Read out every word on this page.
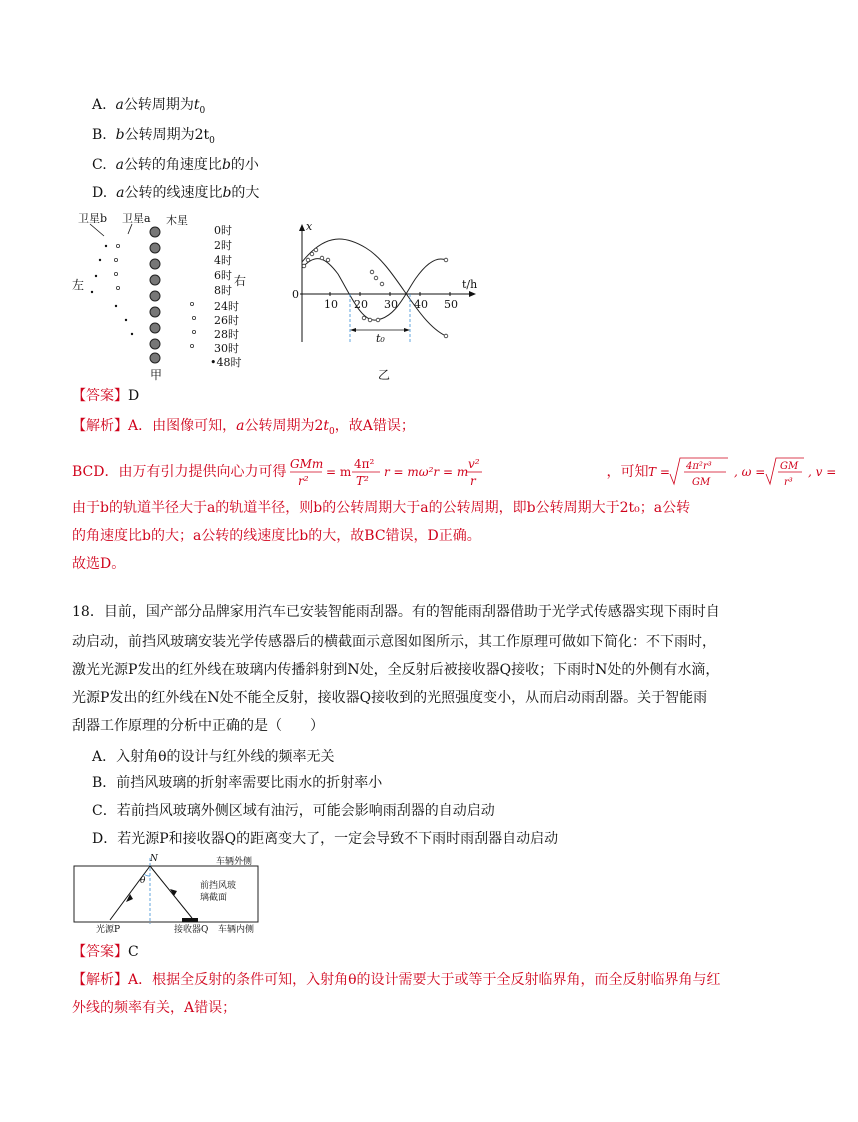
A. a公转周期为$t_0$
B. b公转周期为$2t_0$
C. a公转的角速度比b的小
D. a公转的线速度比b的大
卫星b 卫星a 木星
左	右
甲
0时
2时
4时
6时
8时
24时
26时
28时
30时
•48时
x
t/h
0
10 20 30 40 50
t₀
乙
【答案】D
【解析】A．由图像可知，a公转周期为$2t_0$，故A错误；
BCD．由万有引力提供向心力可得 GMm
r²
= m
4π²
T²
r = mω²r = m
v²
r
，可知 T = 4π²r³
GM
, ω = GM
r³
, v =
由于b的轨道半径大于a的轨道半径，则b的公转周期大于a的公转周期，即b公转周期大于2t₀；a公转
的角速度比b的大；a公转的线速度比b的大，故BC错误，D正确。
故选D。
18．目前，国产部分品牌家用汽车已安装智能雨刮器。有的智能雨刮器借助于光学式传感器实现下雨时自
动启动，前挡风玻璃安装光学传感器后的横截面示意图如图所示，其工作原理可做如下简化：不下雨时，
激光光源P发出的红外线在玻璃内传播斜射到N处，全反射后被接收器Q接收；下雨时N处的外侧有水滴，
光源P发出的红外线在N处不能全反射，接收器Q接收到的光照强度变小，从而启动雨刮器。关于智能雨
刮器工作原理的分析中正确的是（　　）
A．入射角θ的设计与红外线的频率无关
B．前挡风玻璃的折射率需要比雨水的折射率小
C．若前挡风玻璃外侧区域有油污，可能会影响雨刮器的自动启动
D．若光源P和接收器Q的距离变大了，一定会导致不下雨时雨刮器自动启动
N
θ
车辆外侧
前挡风玻
璃截面
光源P	接收器Q 车辆内侧
【答案】C
【解析】A．根据全反射的条件可知，入射角θ的设计需要大于或等于全反射临界角，而全反射临界角与红
外线的频率有关，A错误；
